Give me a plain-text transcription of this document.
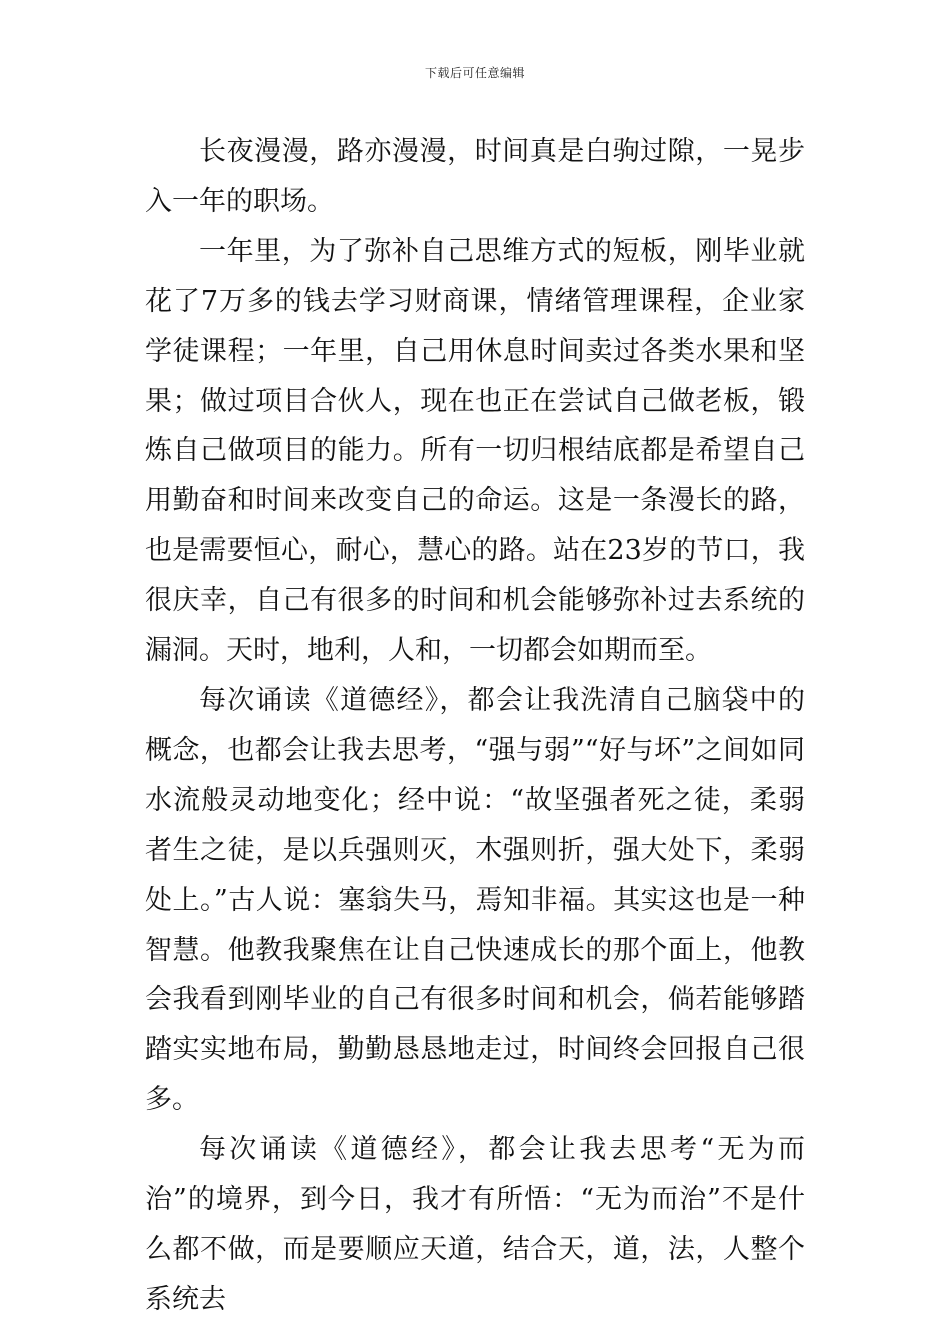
下载后可任意编辑

长夜漫漫，路亦漫漫，时间真是白驹过隙，一晃步入一年的职场。

一年里，为了弥补自己思维方式的短板，刚毕业就花了7万多的钱去学习财商课，情绪管理课程，企业家学徒课程；一年里，自己用休息时间卖过各类水果和坚果；做过项目合伙人，现在也正在尝试自己做老板，锻炼自己做项目的能力。所有一切归根结底都是希望自己用勤奋和时间来改变自己的命运。这是一条漫长的路，也是需要恒心，耐心，慧心的路。站在23岁的节口，我很庆幸，自己有很多的时间和机会能够弥补过去系统的漏洞。天时，地利，人和，一切都会如期而至。

每次诵读《道德经》，都会让我洗清自己脑袋中的概念，也都会让我去思考，“强与弱”“好与坏”之间如同水流般灵动地变化；经中说：“故坚强者死之徒，柔弱者生之徒，是以兵强则灭，木强则折，强大处下，柔弱处上。”古人说：塞翁失马，焉知非福。其实这也是一种智慧。他教我聚焦在让自己快速成长的那个面上，他教会我看到刚毕业的自己有很多时间和机会，倘若能够踏踏实实地布局，勤勤恳恳地走过，时间终会回报自己很多。

每次诵读《道德经》，都会让我去思考“无为而治”的境界，到今日，我才有所悟：“无为而治”不是什么都不做，而是要顺应天道，结合天，道，法，人整个系统去
